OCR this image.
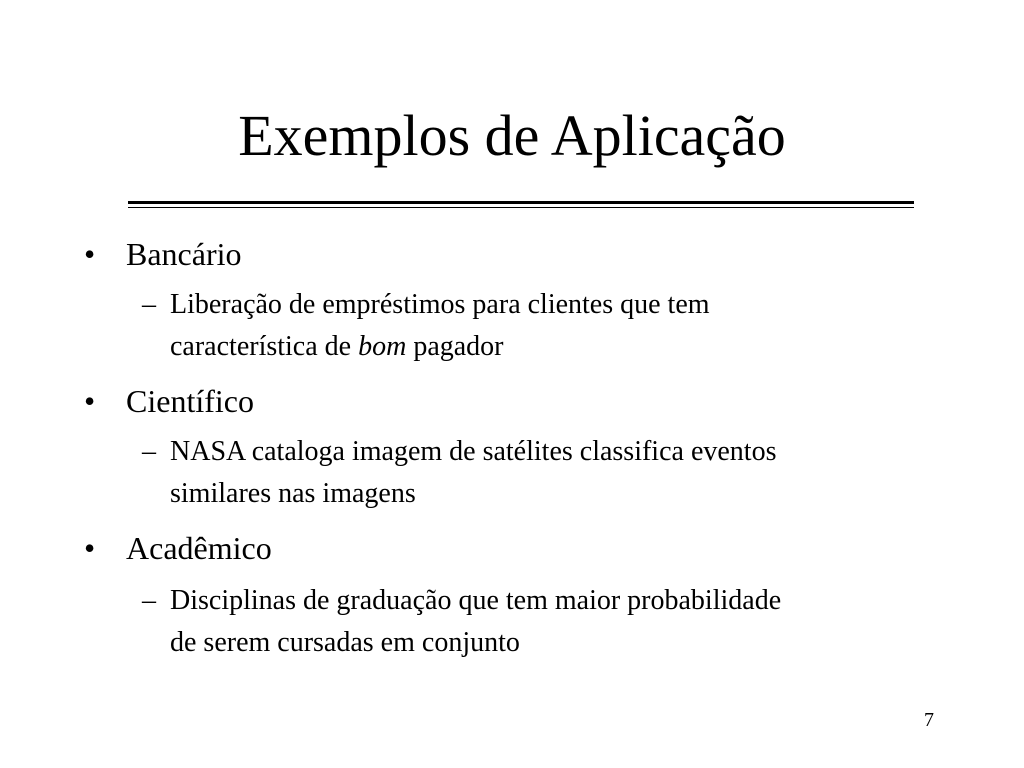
Exemplos de Aplicação
• Bancário
– Liberação de empréstimos para clientes que tem
característica de bom pagador
• Científico
– NASA cataloga imagem de satélites classifica eventos
similares nas imagens
• Acadêmico
– Disciplinas de graduação que tem maior probabilidade
de serem cursadas em conjunto
7
